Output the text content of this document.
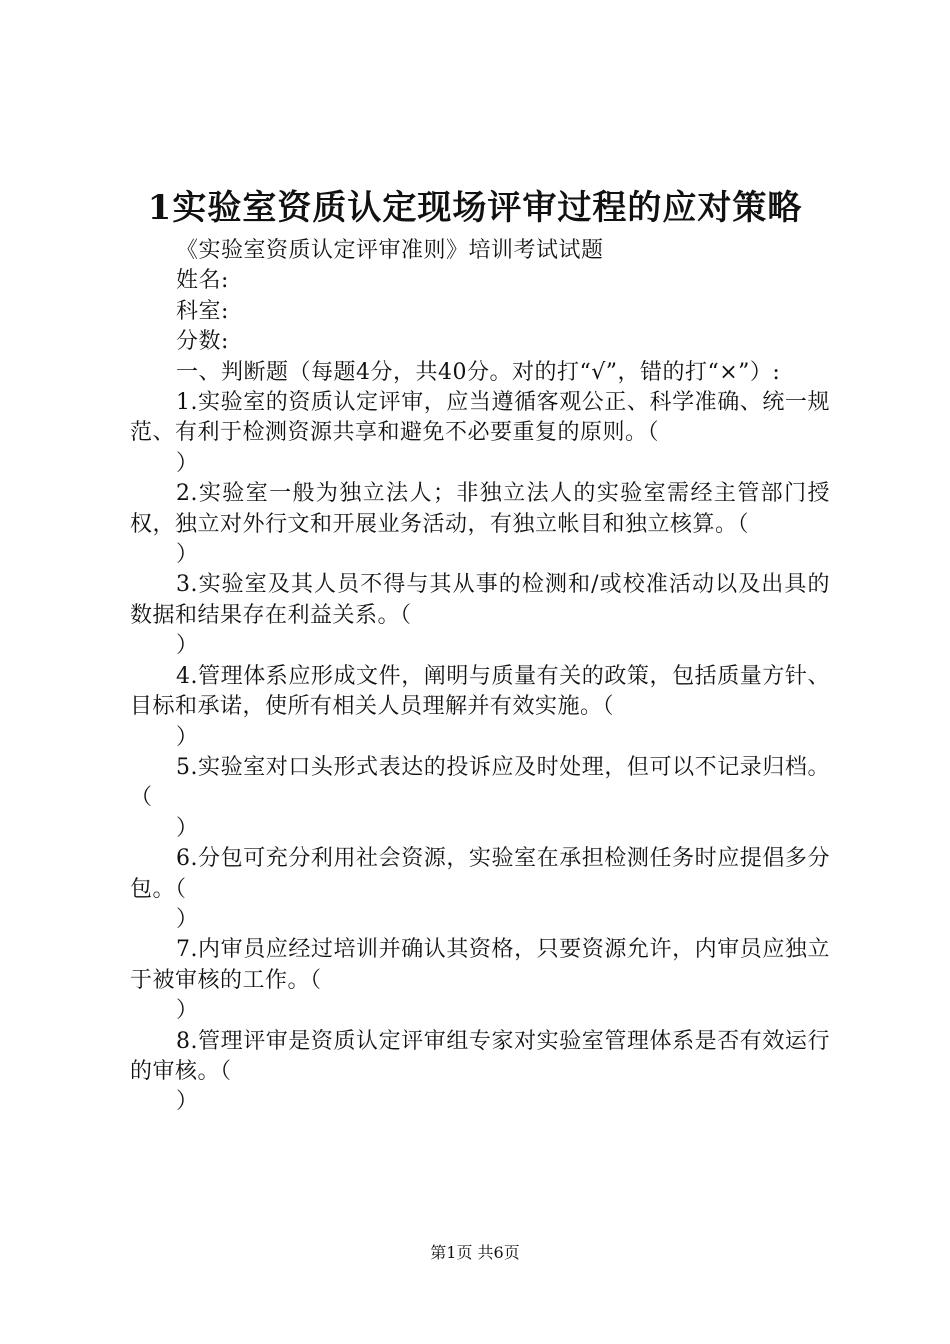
1实验室资质认定现场评审过程的应对策略

《实验室资质认定评审准则》培训考试试题

姓名:

科室:

分数:

一、判断题（每题4分，共40分。对的打“√”，错的打“×”）:

1.实验室的资质认定评审，应当遵循客观公正、科学准确、统一规范、有利于检测资源共享和避免不必要重复的原则。（

）

2.实验室一般为独立法人；非独立法人的实验室需经主管部门授权，独立对外行文和开展业务活动，有独立帐目和独立核算。（

）

3.实验室及其人员不得与其从事的检测和/或校准活动以及出具的数据和结果存在利益关系。（

）

4.管理体系应形成文件，阐明与质量有关的政策，包括质量方针、目标和承诺，使所有相关人员理解并有效实施。（

）

5.实验室对口头形式表达的投诉应及时处理，但可以不记录归档。（

）

6.分包可充分利用社会资源，实验室在承担检测任务时应提倡多分包。（

）

7.内审员应经过培训并确认其资格，只要资源允许，内审员应独立于被审核的工作。（

）

8.管理评审是资质认定评审组专家对实验室管理体系是否有效运行的审核。（

）

第1页 共6页
